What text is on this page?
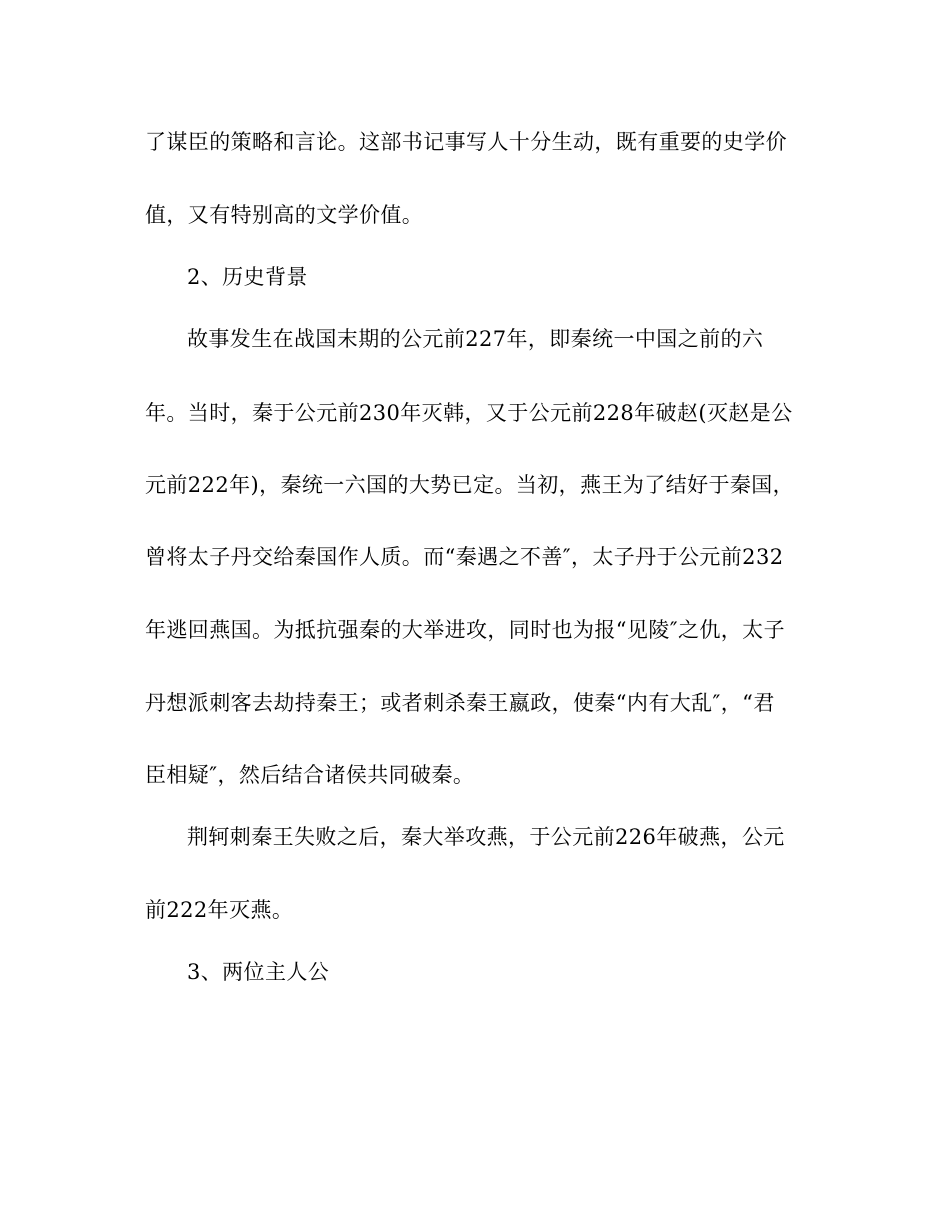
了谋臣的策略和言论。这部书记事写人十分生动，既有重要的史学价
值，又有特别高的文学价值。
2、历史背景
故事发生在战国末期的公元前227年，即秦统一中国之前的六
年。当时，秦于公元前230年灭韩，又于公元前228年破赵(灭赵是公
元前222年)，秦统一六国的大势已定。当初，燕王为了结好于秦国，
曾将太子丹交给秦国作人质。而“秦遇之不善″，太子丹于公元前232
年逃回燕国。为抵抗强秦的大举进攻，同时也为报“见陵″之仇，太子
丹想派刺客去劫持秦王；或者刺杀秦王嬴政，使秦“内有大乱″，“君
臣相疑″，然后结合诸侯共同破秦。
荆轲刺秦王失败之后，秦大举攻燕，于公元前226年破燕，公元
前222年灭燕。
3、两位主人公
